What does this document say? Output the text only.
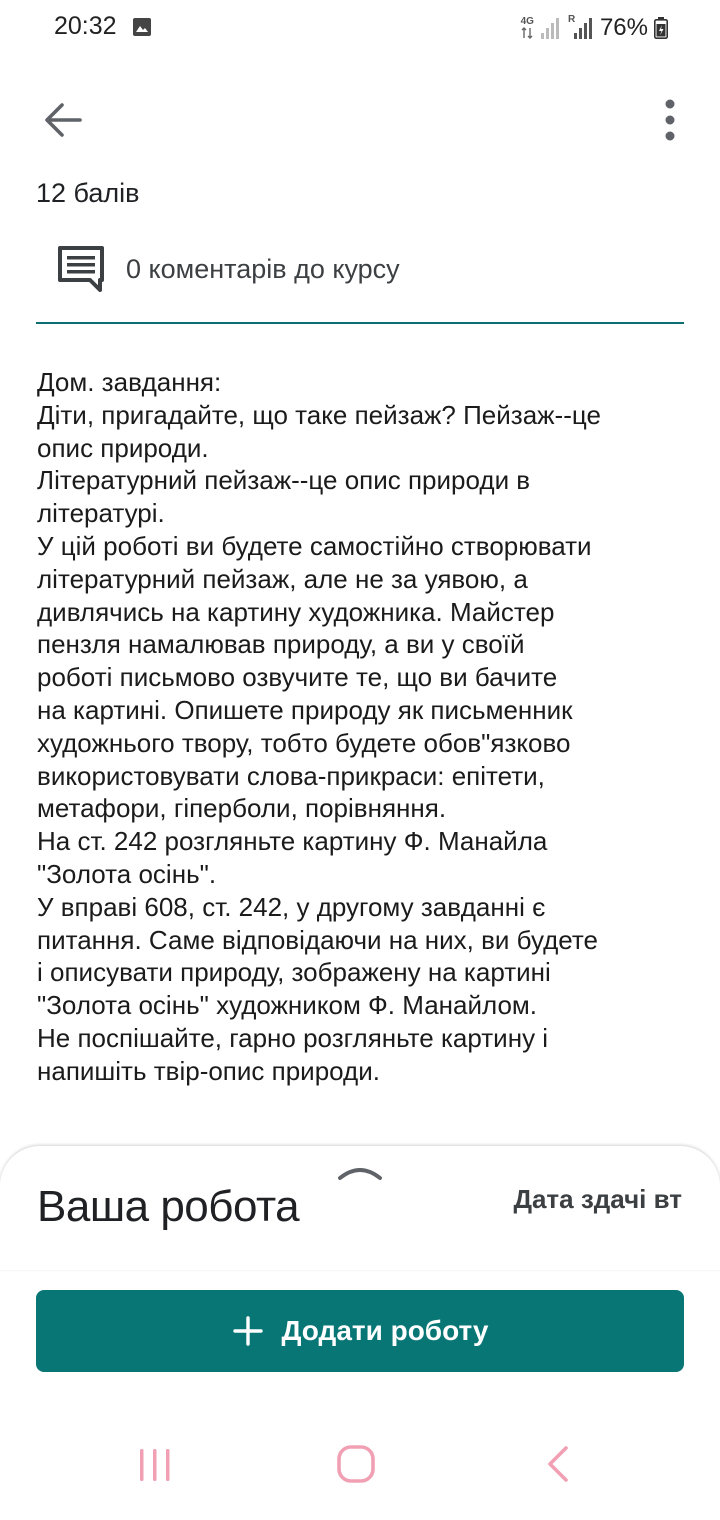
20:32	4G	R 76%
12 балів
0 коментарів до курсу
Дом. завдання:
Діти, пригадайте, що таке пейзаж? Пейзаж--це
опис природи.
Літературний пейзаж--це опис природи в
літературі.
У цій роботі ви будете самостійно створювати
літературний пейзаж, але не за уявою, а
дивлячись на картину художника. Майстер
пензля намалював природу, а ви у своїй
роботі письмово озвучите те, що ви бачите
на картині. Опишете природу як письменник
художнього твору, тобто будете обов"язково
використовувати слова-прикраси: епітети,
метафори, гіперболи, порівняння.
На ст. 242 розгляньте картину Ф. Манайла
"Золота осінь".
У вправі 608, ст. 242, у другому завданні є
питання. Саме відповідаючи на них, ви будете
і описувати природу, зображену на картині
"Золота осінь" художником Ф. Манайлом.
Не поспішайте, гарно розгляньте картину і
напишіть твір-опис природи.
Ваша робота	Дата здачі вт
Додати роботу
